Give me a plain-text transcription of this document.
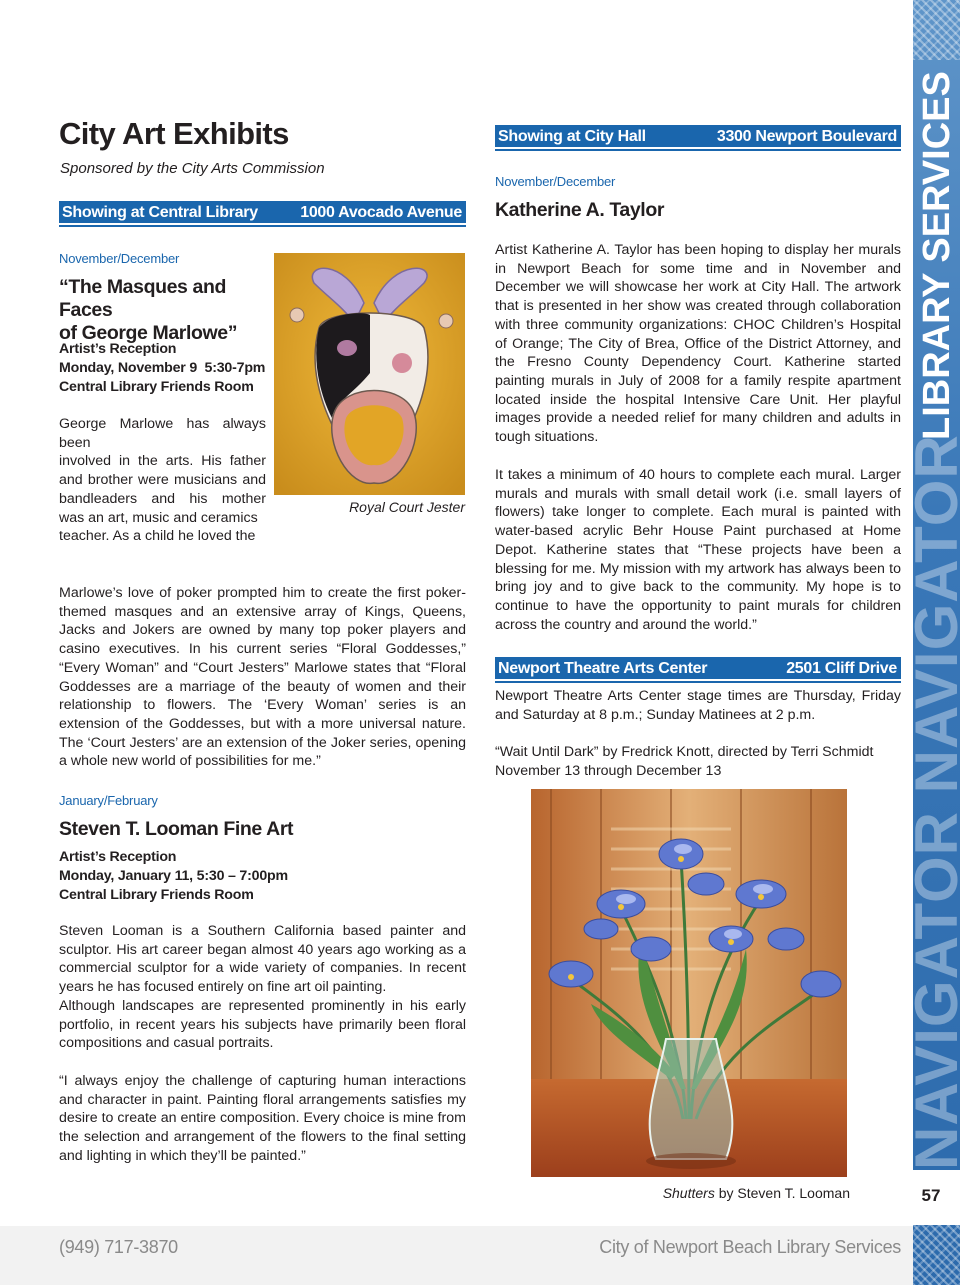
City Art Exhibits
Sponsored by the City Arts Commission
Showing at Central Library	1000 Avocado Avenue
November/December
“The Masques and Faces
of George Marlowe”
Artist’s Reception
Monday, November 9  5:30-7pm
Central Library Friends Room
Royal Court Jester
George Marlowe has always been
involved in the arts. His father
and brother were musicians and
bandleaders and his mother
was an art, music and ceramics
teacher. As a child he loved the
Marlowe’s love of poker prompted him to create the first poker-themed masques and an extensive array of Kings, Queens, Jacks and Jokers are owned by many top poker players and casino executives. In his current series “Floral Goddesses,” “Every Woman” and “Court Jesters” Marlowe states that “Floral Goddesses are a marriage of the beauty of women and their relationship to flowers. The ‘Every Woman’ series is an extension of the Goddesses, but with a more universal nature. The ‘Court Jesters’ are an extension of the Joker series, opening a whole new world of possibilities for me.”
January/February
Steven T. Looman Fine Art
Artist’s Reception
Monday, January 11, 5:30 – 7:00pm
Central Library Friends Room
Steven Looman is a Southern California based painter and sculptor. His art career began almost 40 years ago working as a commercial sculptor for a wide variety of companies. In recent years he has focused entirely on fine art oil painting.
Although landscapes are represented prominently in his early portfolio, in recent years his subjects have primarily been floral compositions and casual portraits.
“I always enjoy the challenge of capturing human interactions and character in paint. Painting floral arrangements satisfies my desire to create an entire composition. Every choice is mine from the selection and arrangement of the flowers to the final setting and lighting in which they’ll be painted.”
Showing at City Hall	3300 Newport Boulevard
November/December
Katherine A. Taylor
Artist Katherine A. Taylor has been hoping to display her murals in Newport Beach for some time and in November and December we will showcase her work at City Hall. The artwork that is presented in her show was created through collaboration with three community organizations: CHOC Children’s Hospital of Orange; The City of Brea, Office of the District Attorney, and the Fresno County Dependency Court. Katherine started painting murals in July of 2008 for a family respite apartment located inside the hospital Intensive Care Unit. Her playful images provide a needed relief for many children and adults in tough situations.
It takes a minimum of 40 hours to complete each mural. Larger murals and murals with small detail work (i.e. small layers of flowers) take longer to complete. Each mural is painted with water-based acrylic Behr House Paint purchased at Home Depot. Katherine states that “These projects have been a blessing for me. My mission with my artwork has always been to bring joy and to give back to the community. My hope is to continue to have the opportunity to paint murals for children across the country and around the world.”
Newport Theatre Arts Center	2501 Cliff Drive
Newport Theatre Arts Center stage times are Thursday, Friday and Saturday at 8 p.m.; Sunday Matinees at 2 p.m.
“Wait Until Dark” by Fredrick Knott, directed by Terri Schmidt
November 13 through December 13
Shutters by Steven T. Looman
NAVIGATOR NAVIGATOR
LIBRARY SERVICES
57
(949) 717-3870	City of Newport Beach Library Services
